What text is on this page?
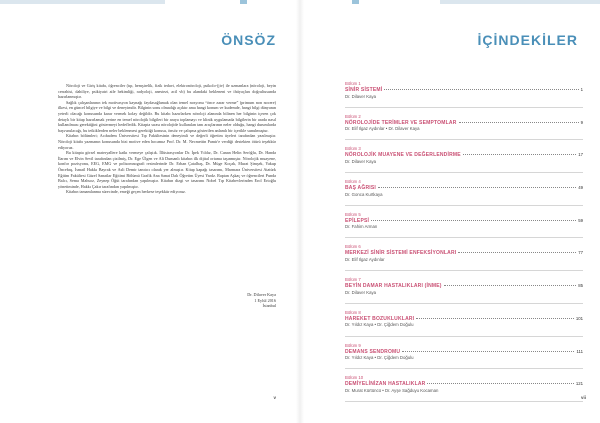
ÖNSÖZ

Nöroloji ve Giriş kitabı, öğrenciler (tıp, hemşirelik, fizik tedavi, elektronöroloji, psikolo-(jiv) ile uzmanlara (nöroloji, beyin cerrahisi, dahiliye, psikiyatri aile hekimliği, radyoloji, anestezi, acil vb) bu alandaki bekleneni ve ihtiyaçları doğrultusunda hazırlanmıştır.

Sağlık çalışanlarının tek motivasyon kaynağı faydasağlamak olan temel nosyonu “önce zarar verme” (primum non nocere) ilkesi, en güncel bilgiye ve bilgi ve deneyimdir. Bilginin sonu olmadığı açıktır ama hangi konum ve kudemde, hangi bilgi dünyanın yeterli olacağı konusunda karar vermek kolay değildir. Bu kitabı hazırlarken nöroloji alanında bilinen her bilginin içeren çok detaylı bir kitap hazırlamak yerine en temel nörolojik bilgileri bir araya toplamayı ve klinik uygulamada bilgilerin bir arada nasıl kullanılması gerektiğini göstermeyi hedefledik. Kitapta sırası nörolojide kullanılan tanı araçlarının neler olduğu, hangi durumlarda başvurulacağı, bu tetkiklerden neler beklenmesi gerektiği konusu, önsöz ve çalışma gösterilen anlamlı bir içerikle sunulmuştur.

Kitabın bölümleri; Acıbadem Üniversitesi Tıp Fakültesinin deneyimli ve değerli öğretim üyeleri tarafından yazılmıştır. Nöroloji kitabı yazmanın konusunda bizi motive eden hocamız Prof. Dr. M. Necmettin Pamir'e verdiği destekten ötürü teşekkür ediyoruz.

Bu kitapta görsel materyallere katkı vermeye çalıştık. İllüstrasyonlar Dr. İpek Yıldız, Dr. Canan Helin Seröğlu, Dr. Handa İlarım ve Elvin Sevil tarafından çizilmiş, Dr. Ege Ülgen ve Ali Dumanlı kitabın ilk dijital ortama taşınmıştır. Nörolojik muayene, konfor pozisyonu, EEG, EMG ve polisomnografi resimlerinde Dr. Erhan Çatalbaş, Dr. Müge Koçak, Murat Şimşek, Yakup Öncebaş, İsmail Hakkı Bayrak ve Asli Demir tanıtıcı olarak yer almıştır. Kitap kapağı tasarımı, Marmara Üniversitesi Atatürk Eğitim Fakültesi Güzel Sanatlar Eğitimi Bölümü Grafik Ana Sanat Dalı Öğretim Üyesi Yardz. Raptan Aşkaç ve öğrencileri Punda Balcı, Sema Mahsoz, Zeynep Öğüt tarafından yapılmıştır. Kitabın dizgi ve tasarımı Nobel Tıp Kitabevlerinden Erol Ertoğlu yönetiminde, Hakkı Çakır tarafından yapılmıştır.

Kitabın tamamlanma sürecinde, emeği geçen herkese teşekkür ediyoruz.

Dr. Dilaver Kaya
1 Eylül 2016
İstanbul
v
İÇİNDEKİLER
Bölüm 1
SİNİR SİSTEMİ	1
Dr. Dilaver Kaya
Bölüm 2
NÖROLOJİDE TERİMLER VE SEMPTOMLAR	9
Dr. Elif Ilgaz Aydınlar • Dr. Dilaver Kaya
Bölüm 3
NÖROLOJİK MUAYENE VE DEĞERLENDİRME	17
Dr. Dilaver Kaya
Bölüm 4
BAŞ AĞRISI	49
Dr. Gonca Kurtkaya
Bölüm 5
EPİLEPSİ	59
Dr. Fahim Arman
Bölüm 6
MERKEZİ SİNİR SİSTEMİ ENFEKSİYONLARI	77
Dr. Elif Ilgaz Aydınlar
Bölüm 7
BEYİN DAMAR HASTALIKLARI (İNME)	85
Dr. Dilaver Kaya
Bölüm 8
HAREKET BOZUKLUKLARI	101
Dr. Yıldız Kaya • Dr. Çiğdem Doğulu
Bölüm 9
DEMANS SENDROMU	111
Dr. Yıldız Kaya • Dr. Çiğdem Doğulu
Bölüm 10
DEMİYELİNİZAN HASTALIKLAR	121
Dr. Murat Kürtüncü • Dr. Ayşe Sağduyu Kocaman
vii
